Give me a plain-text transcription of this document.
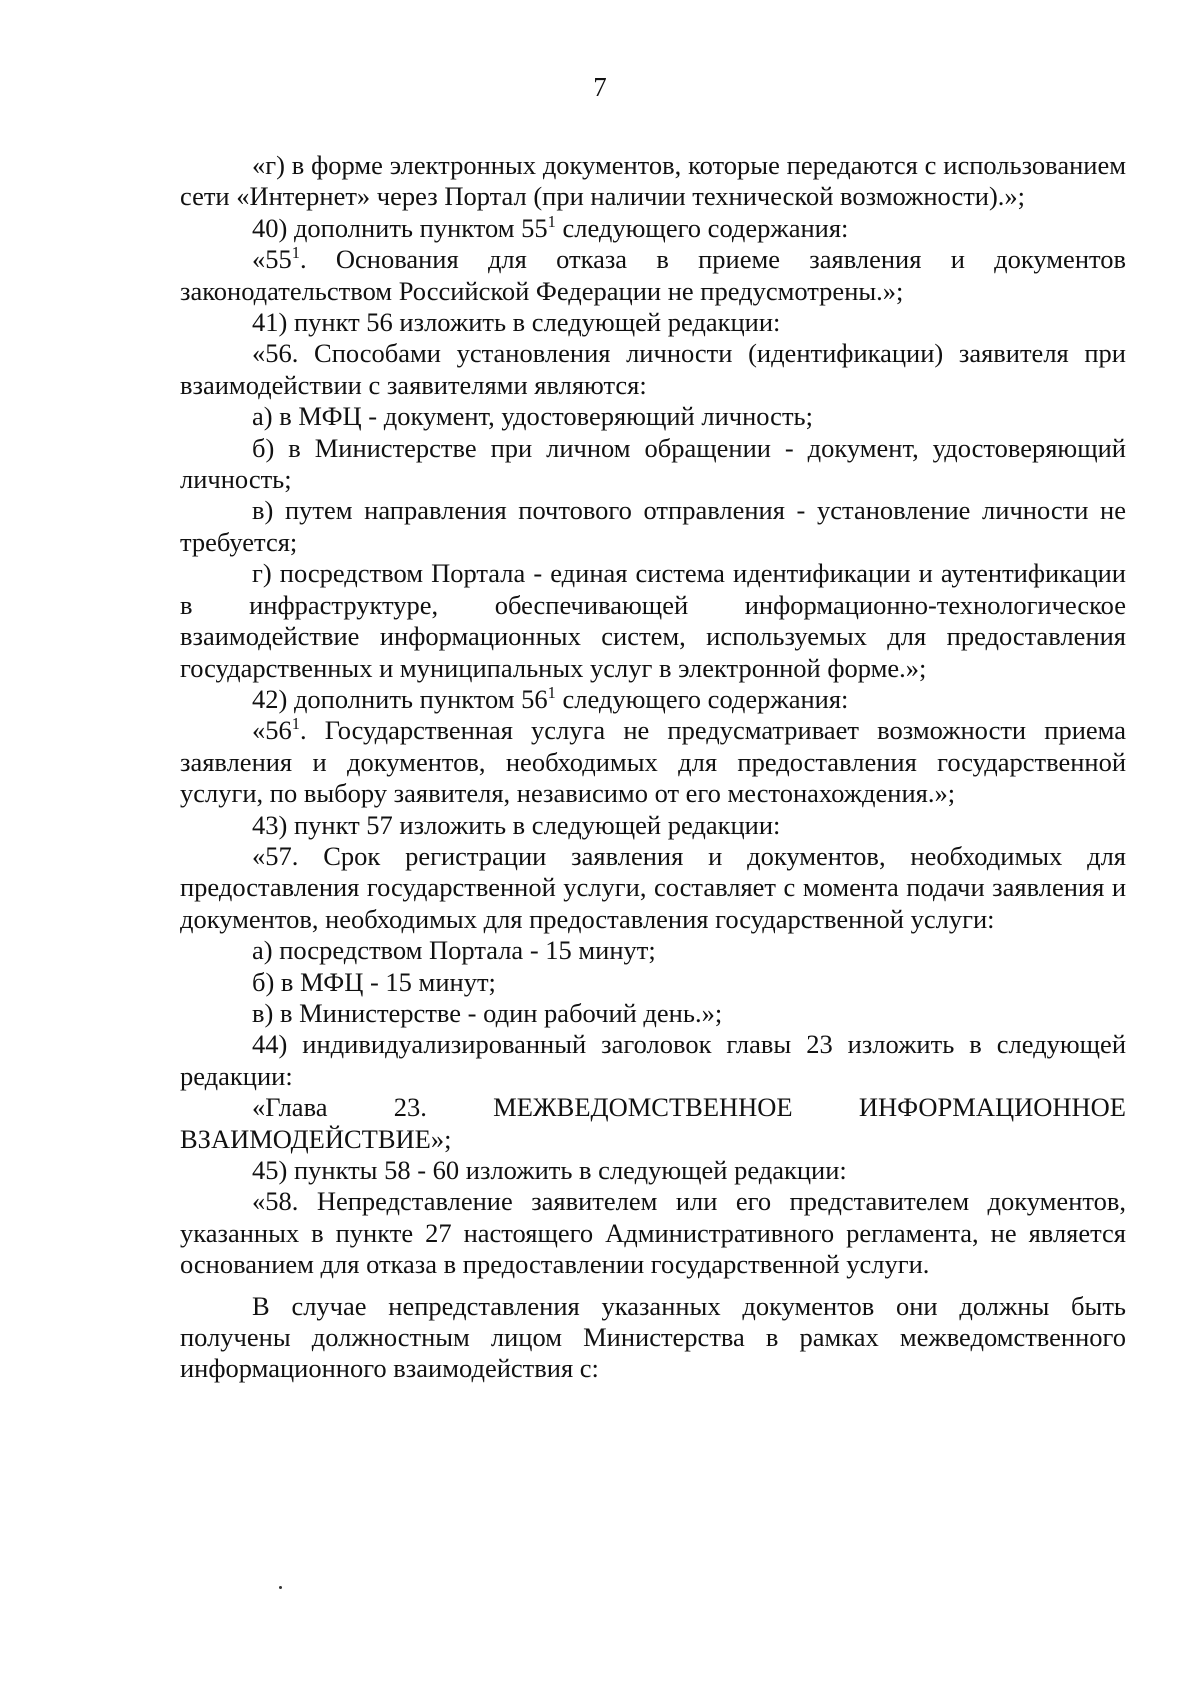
7

«г) в форме электронных документов, которые передаются с использованием сети «Интернет» через Портал (при наличии технической возможности).»;

40) дополнить пунктом $55^1$ следующего содержания:

«$55^1$. Основания для отказа в приеме заявления и документов законодательством Российской Федерации не предусмотрены.»;

41) пункт 56 изложить в следующей редакции:

«56. Способами установления личности (идентификации) заявителя при взаимодействии с заявителями являются:

а) в МФЦ - документ, удостоверяющий личность;

б) в Министерстве при личном обращении - документ, удостоверяющий личность;

в) путем направления почтового отправления - установление личности не требуется;

г) посредством Портала - единая система идентификации и аутентификации в инфраструктуре, обеспечивающей информационно-технологическое взаимодействие информационных систем, используемых для предоставления государственных и муниципальных услуг в электронной форме.»;

42) дополнить пунктом $56^1$ следующего содержания:

«$56^1$. Государственная услуга не предусматривает возможности приема заявления и документов, необходимых для предоставления государственной услуги, по выбору заявителя, независимо от его местонахождения.»;

43) пункт 57 изложить в следующей редакции:

«57. Срок регистрации заявления и документов, необходимых для предоставления государственной услуги, составляет с момента подачи заявления и документов, необходимых для предоставления государственной услуги:

а) посредством Портала - 15 минут;

б) в МФЦ - 15 минут;

в) в Министерстве - один рабочий день.»;

44) индивидуализированный заголовок главы 23 изложить в следующей редакции:

«Глава 23. МЕЖВЕДОМСТВЕННОЕ ИНФОРМАЦИОННОЕ ВЗАИМОДЕЙСТВИЕ»;

45) пункты 58 - 60 изложить в следующей редакции:

«58. Непредставление заявителем или его представителем документов, указанных в пункте 27 настоящего Административного регламента, не является основанием для отказа в предоставлении государственной услуги.

В случае непредставления указанных документов они должны быть получены должностным лицом Министерства в рамках межведомственного информационного взаимодействия с:
